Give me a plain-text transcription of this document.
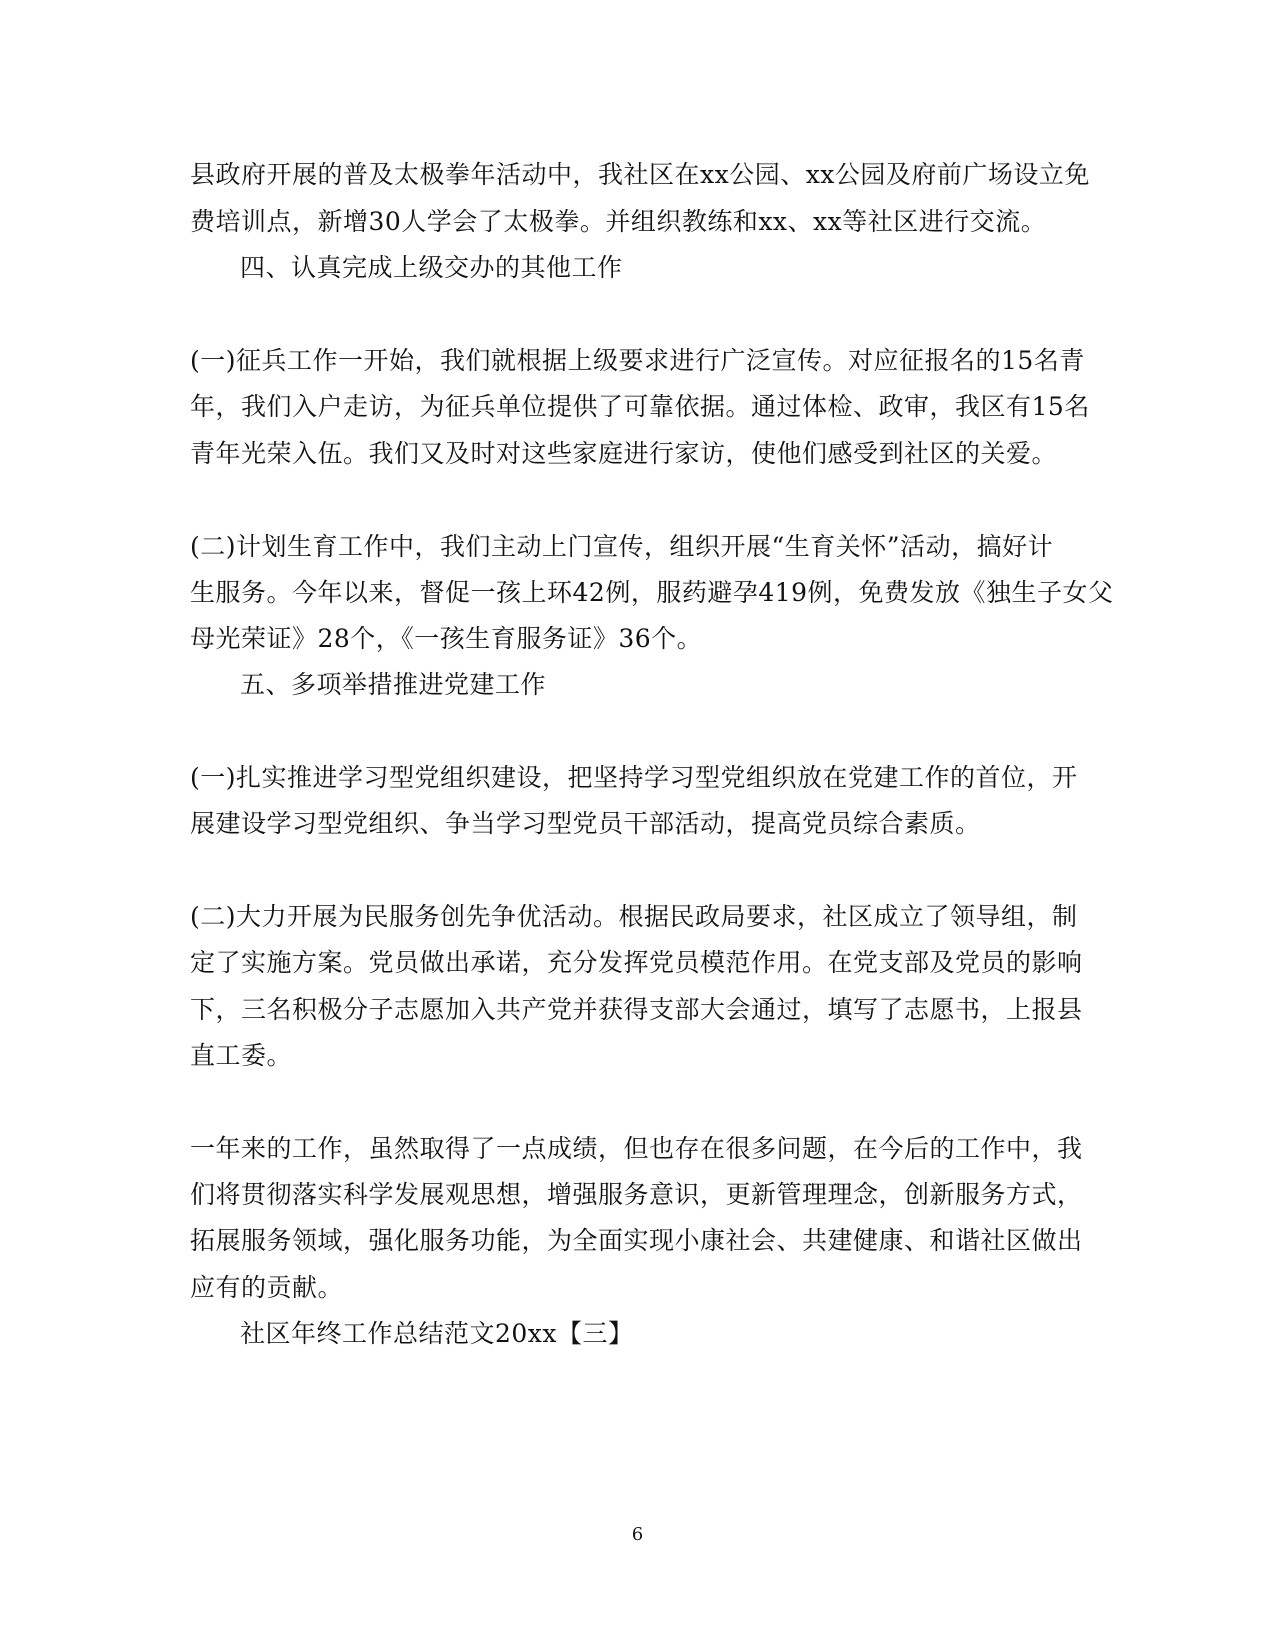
县政府开展的普及太极拳年活动中，我社区在xx公园、xx公园及府前广场设立免
费培训点，新增30人学会了太极拳。并组织教练和xx、xx等社区进行交流。
四、认真完成上级交办的其他工作
(一)征兵工作一开始，我们就根据上级要求进行广泛宣传。对应征报名的15名青
年，我们入户走访，为征兵单位提供了可靠依据。通过体检、政审，我区有15名
青年光荣入伍。我们又及时对这些家庭进行家访，使他们感受到社区的关爱。
(二)计划生育工作中，我们主动上门宣传，组织开展“生育关怀”活动，搞好计
生服务。今年以来，督促一孩上环42例，服药避孕419例，免费发放《独生子女父
母光荣证》28个，《一孩生育服务证》36个。
五、多项举措推进党建工作
(一)扎实推进学习型党组织建设，把坚持学习型党组织放在党建工作的首位，开
展建设学习型党组织、争当学习型党员干部活动，提高党员综合素质。
(二)大力开展为民服务创先争优活动。根据民政局要求，社区成立了领导组，制
定了实施方案。党员做出承诺，充分发挥党员模范作用。在党支部及党员的影响
下，三名积极分子志愿加入共产党并获得支部大会通过，填写了志愿书，上报县
直工委。
一年来的工作，虽然取得了一点成绩，但也存在很多问题，在今后的工作中，我
们将贯彻落实科学发展观思想，增强服务意识，更新管理理念，创新服务方式，
拓展服务领域，强化服务功能，为全面实现小康社会、共建健康、和谐社区做出
应有的贡献。
社区年终工作总结范文20xx【三】
6
